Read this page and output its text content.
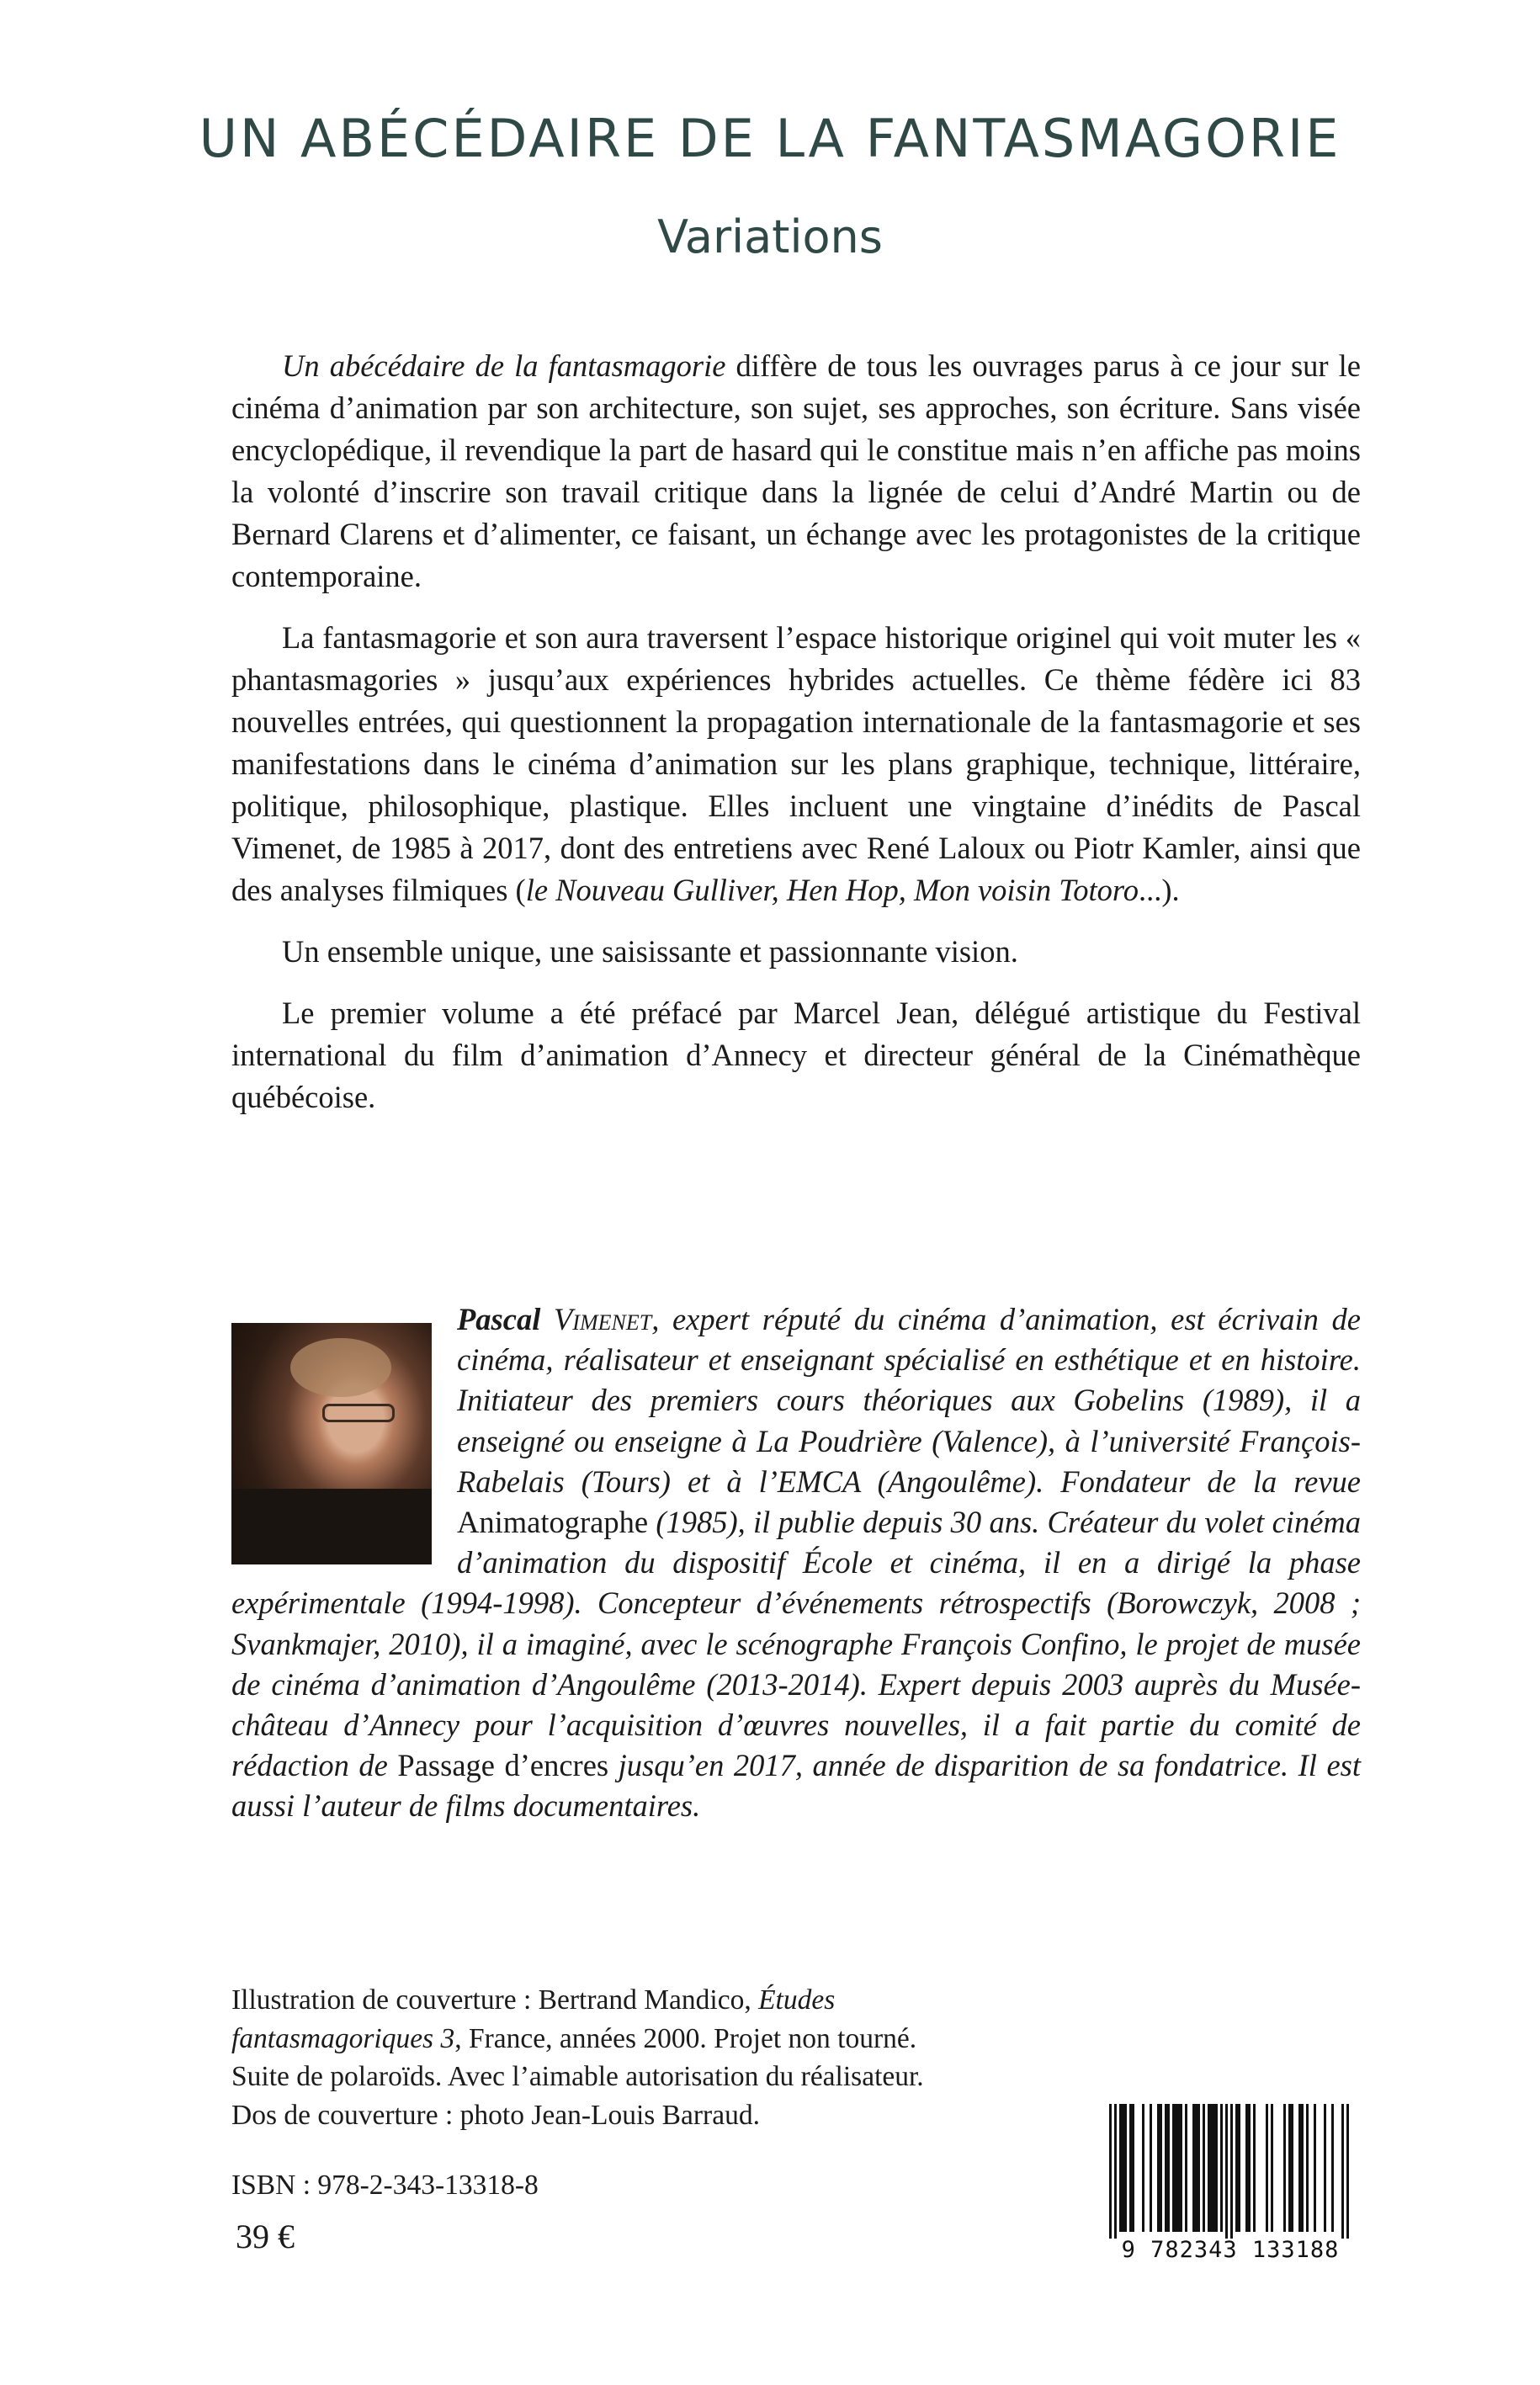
UN ABÉCÉDAIRE DE LA FANTASMAGORIE
Variations

Un abécédaire de la fantasmagorie diffère de tous les ouvrages parus à ce jour sur le cinéma d’animation par son architecture, son sujet, ses approches, son écriture. Sans visée encyclopédique, il revendique la part de hasard qui le constitue mais n’en affiche pas moins la volonté d’inscrire son travail critique dans la lignée de celui d’André Martin ou de Bernard Clarens et d’alimenter, ce faisant, un échange avec les protagonistes de la critique contemporaine.

La fantasmagorie et son aura traversent l’espace historique originel qui voit muter les « phantasmagories » jusqu’aux expériences hybrides actuelles. Ce thème fédère ici 83 nouvelles entrées, qui questionnent la propagation internationale de la fantasmagorie et ses manifestations dans le cinéma d’animation sur les plans graphique, technique, littéraire, politique, philosophique, plastique. Elles incluent une vingtaine d’inédits de Pascal Vimenet, de 1985 à 2017, dont des entretiens avec René Laloux ou Piotr Kamler, ainsi que des analyses filmiques (le Nouveau Gulliver, Hen Hop, Mon voisin Totoro...).

Un ensemble unique, une saisissante et passionnante vision.

Le premier volume a été préfacé par Marcel Jean, délégué artistique du Festival international du film d’animation d’Annecy et directeur général de la Cinémathèque québécoise.

Pascal Vimenet, expert réputé du cinéma d’animation, est écrivain de cinéma, réalisateur et enseignant spécialisé en esthétique et en histoire. Initiateur des premiers cours théoriques aux Gobelins (1989), il a enseigné ou enseigne à La Poudrière (Valence), à l’université François-Rabelais (Tours) et à l’EMCA (Angoulême). Fondateur de la revue Animatographe (1985), il publie depuis 30 ans. Créateur du volet cinéma d’animation du dispositif École et cinéma, il en a dirigé la phase expérimentale (1994-1998). Concepteur d’événements rétrospectifs (Borowczyk, 2008 ; Svankmajer, 2010), il a imaginé, avec le scénographe François Confino, le projet de musée de cinéma d’animation d’Angoulême (2013-2014). Expert depuis 2003 auprès du Musée-château d’Annecy pour l’acquisition d’œuvres nouvelles, il a fait partie du comité de rédaction de Passage d’encres jusqu’en 2017, année de disparition de sa fondatrice. Il est aussi l’auteur de films documentaires.
Illustration de couverture : Bertrand Mandico, Études
fantasmagoriques 3, France, années 2000. Projet non tourné.
Suite de polaroïds. Avec l’aimable autorisation du réalisateur.
Dos de couverture : photo Jean-Louis Barraud.
ISBN : 978-2-343-13318-8
39 €	9 782343 133188
